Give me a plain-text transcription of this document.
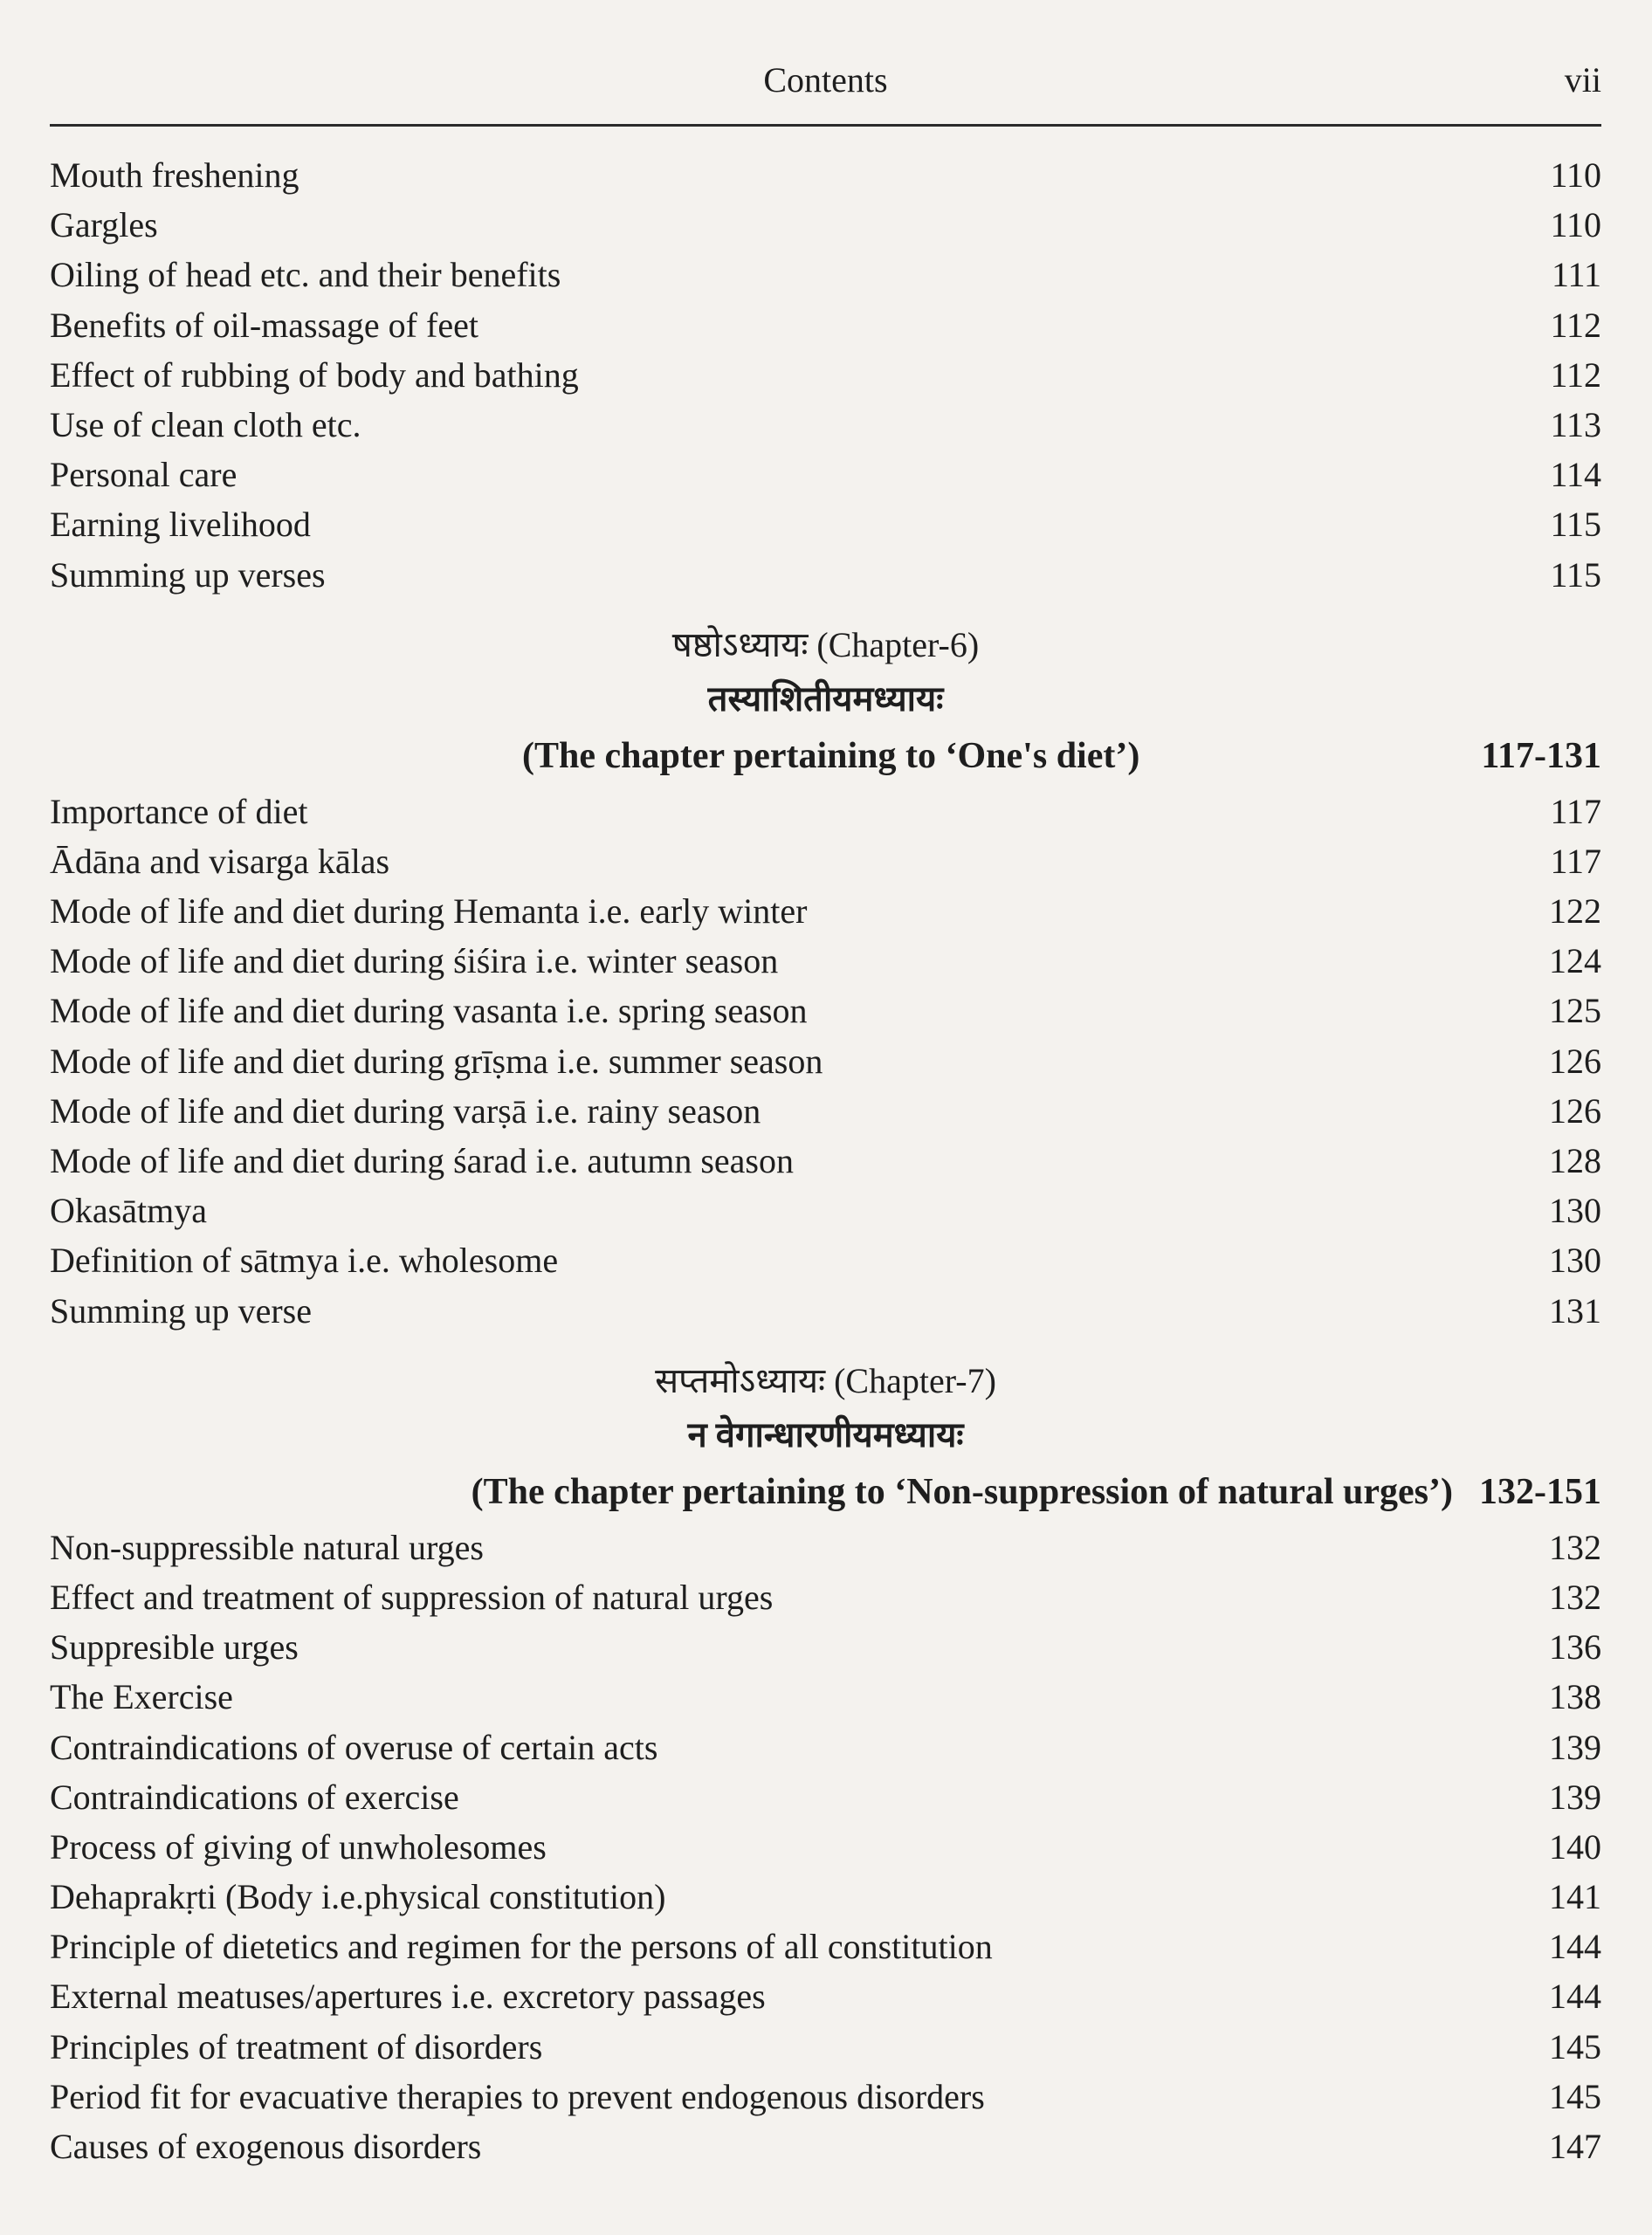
Contents	vii
Mouth freshening	110
Gargles	110
Oiling of head etc. and their benefits	111
Benefits of oil-massage of feet	112
Effect of rubbing of body and bathing	112
Use of clean cloth etc.	113
Personal care	114
Earning livelihood	115
Summing up verses	115
षष्ठोऽध्यायः (Chapter-6)
तस्याशितीयमध्यायः
(The chapter pertaining to ‘One's diet’)	117-131
Importance of diet	117
Ādāna and visarga kālas	117
Mode of life and diet during Hemanta i.e. early winter	122
Mode of life and diet during śiśira i.e. winter season	124
Mode of life and diet during vasanta i.e. spring season	125
Mode of life and diet during grīṣma i.e. summer season	126
Mode of life and diet during varṣā i.e. rainy season	126
Mode of life and diet during śarad i.e. autumn season	128
Okasātmya	130
Definition of sātmya i.e. wholesome	130
Summing up verse	131
सप्तमोऽध्यायः (Chapter-7)
न वेगान्धारणीयमध्यायः
(The chapter pertaining to ‘Non-suppression of natural urges’) 132-151
Non-suppressible natural urges	132
Effect and treatment of suppression of natural urges	132
Suppresible urges	136
The Exercise	138
Contraindications of overuse of certain acts	139
Contraindications of exercise	139
Process of giving of unwholesomes	140
Dehaprakṛti (Body i.e.physical constitution)	141
Principle of dietetics and regimen for the persons of all constitution	144
External meatuses/apertures i.e. excretory passages	144
Principles of treatment of disorders	145
Period fit for evacuative therapies to prevent endogenous disorders	145
Causes of exogenous disorders	147
